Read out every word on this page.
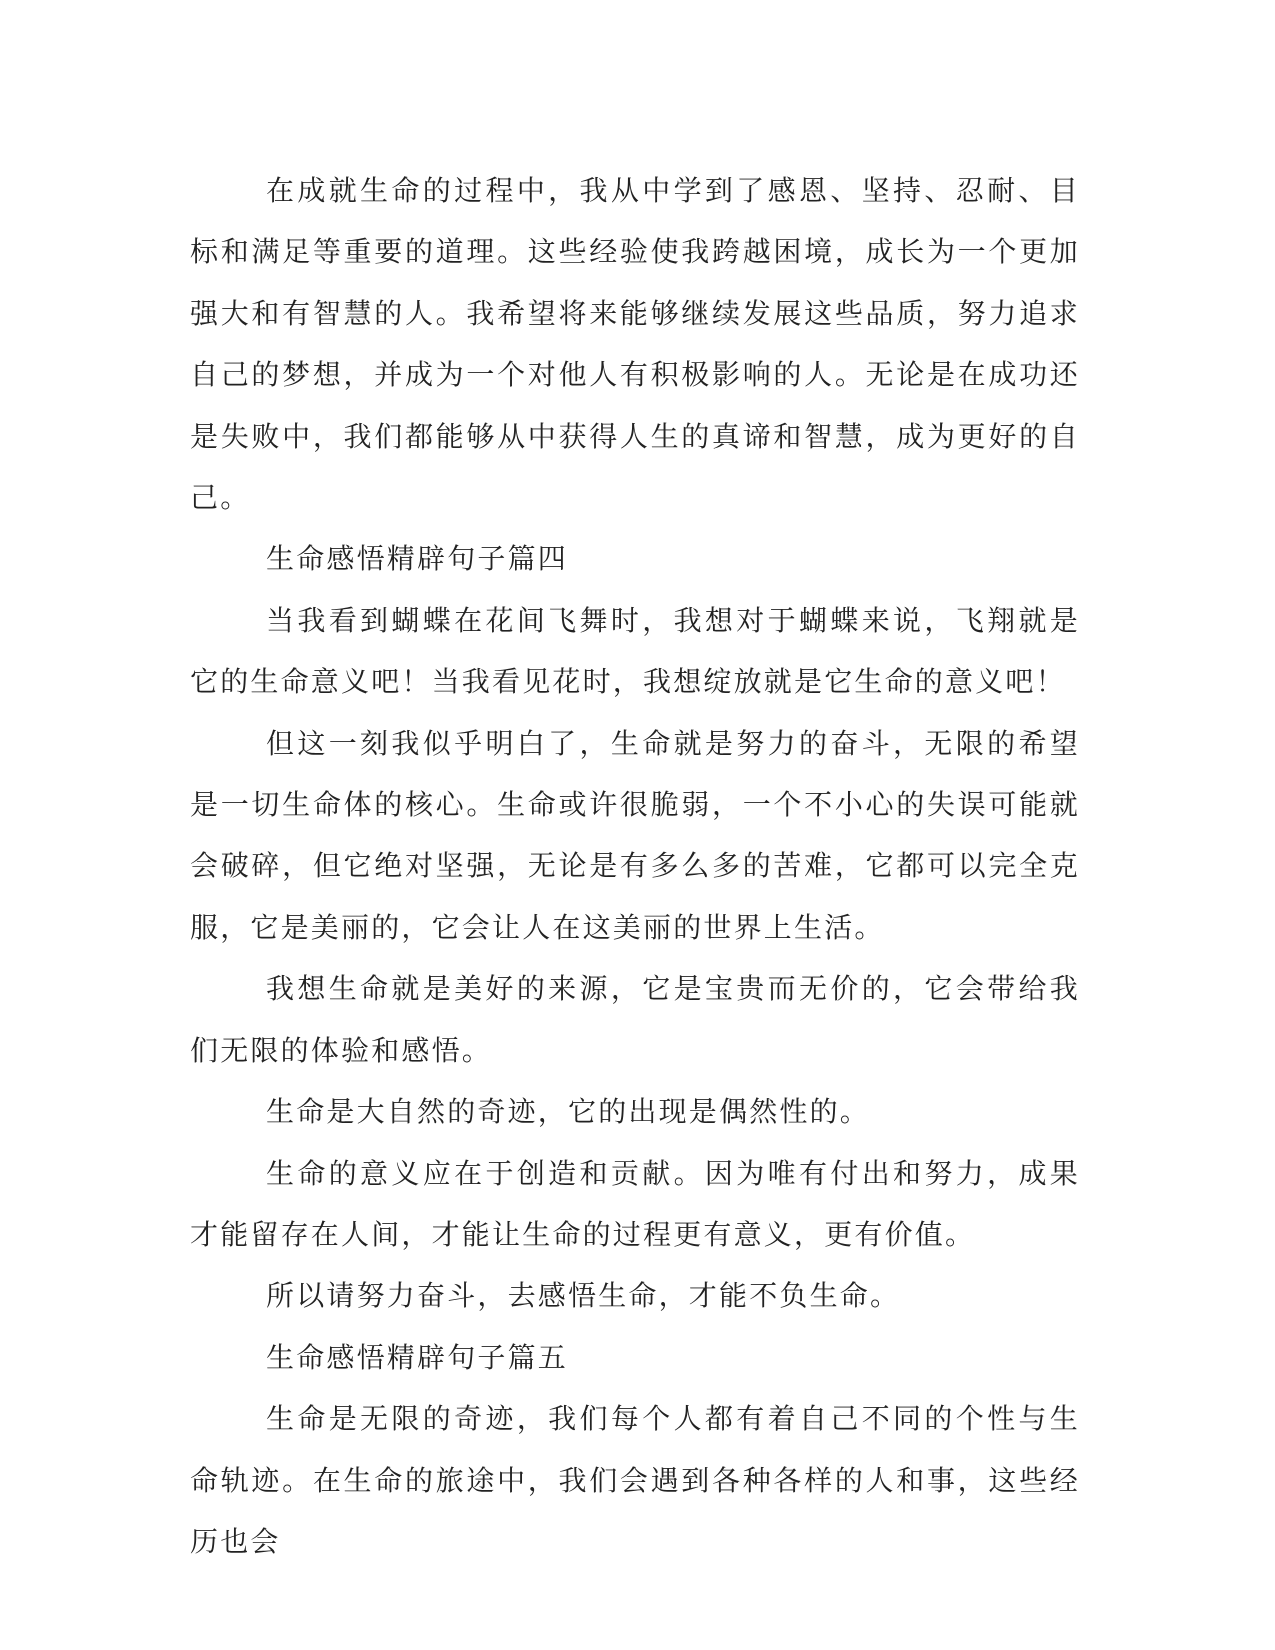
在成就生命的过程中，我从中学到了感恩、坚持、忍耐、目标和满足等重要的道理。这些经验使我跨越困境，成长为一个更加强大和有智慧的人。我希望将来能够继续发展这些品质，努力追求自己的梦想，并成为一个对他人有积极影响的人。无论是在成功还是失败中，我们都能够从中获得人生的真谛和智慧，成为更好的自己。

生命感悟精辟句子篇四

当我看到蝴蝶在花间飞舞时，我想对于蝴蝶来说，飞翔就是它的生命意义吧！当我看见花时，我想绽放就是它生命的意义吧！

但这一刻我似乎明白了，生命就是努力的奋斗，无限的希望是一切生命体的核心。生命或许很脆弱，一个不小心的失误可能就会破碎，但它绝对坚强，无论是有多么多的苦难，它都可以完全克服，它是美丽的，它会让人在这美丽的世界上生活。

我想生命就是美好的来源，它是宝贵而无价的，它会带给我们无限的体验和感悟。

生命是大自然的奇迹，它的出现是偶然性的。

生命的意义应在于创造和贡献。因为唯有付出和努力，成果才能留存在人间，才能让生命的过程更有意义，更有价值。

所以请努力奋斗，去感悟生命，才能不负生命。

生命感悟精辟句子篇五

生命是无限的奇迹，我们每个人都有着自己不同的个性与生命轨迹。在生命的旅途中，我们会遇到各种各样的人和事，这些经历也会
